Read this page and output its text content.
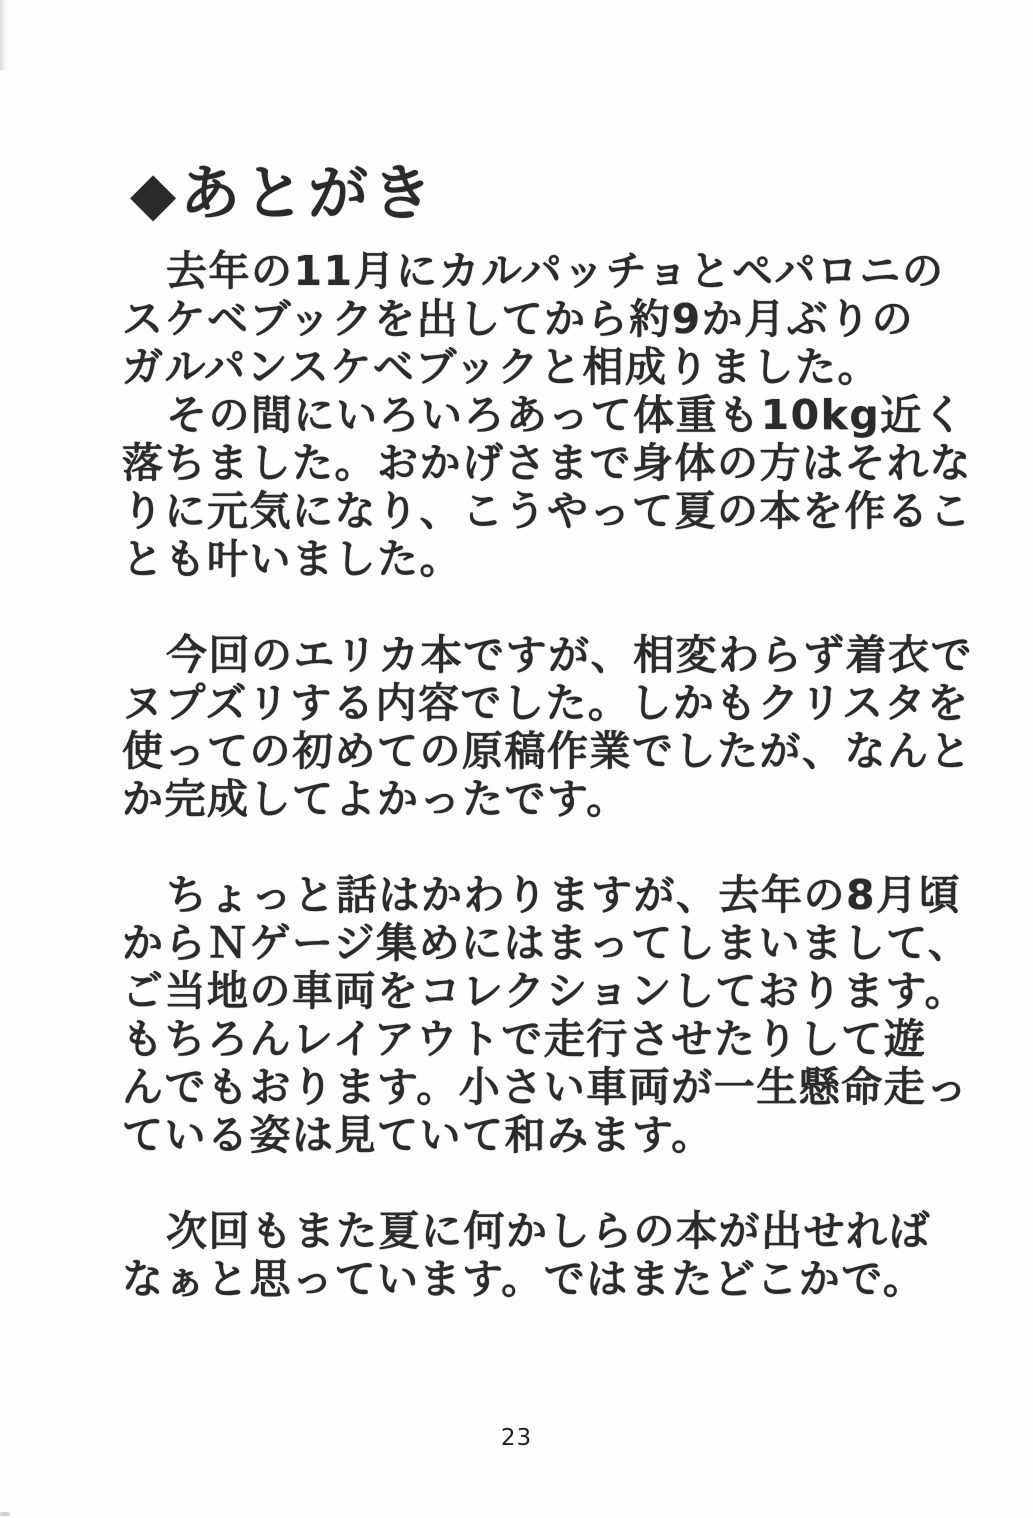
◆あとがき
去年の11月にカルパッチョとペパロニの
スケベブックを出してから約9か月ぶりの
ガルパンスケベブックと相成りました。
その間にいろいろあって体重も10kg近く
落ちました。おかげさまで身体の方はそれな
りに元気になり、こうやって夏の本を作るこ
とも叶いました。
今回のエリカ本ですが、相変わらず着衣で
ヌプズリする内容でした。しかもクリスタを
使っての初めての原稿作業でしたが、なんと
か完成してよかったです。
ちょっと話はかわりますが、去年の8月頃
からＮゲージ集めにはまってしまいまして、
ご当地の車両をコレクションしております。
もちろんレイアウトで走行させたりして遊
んでもおります。小さい車両が一生懸命走っ
ている姿は見ていて和みます。
次回もまた夏に何かしらの本が出せれば
なぁと思っています。ではまたどこかで。
23
